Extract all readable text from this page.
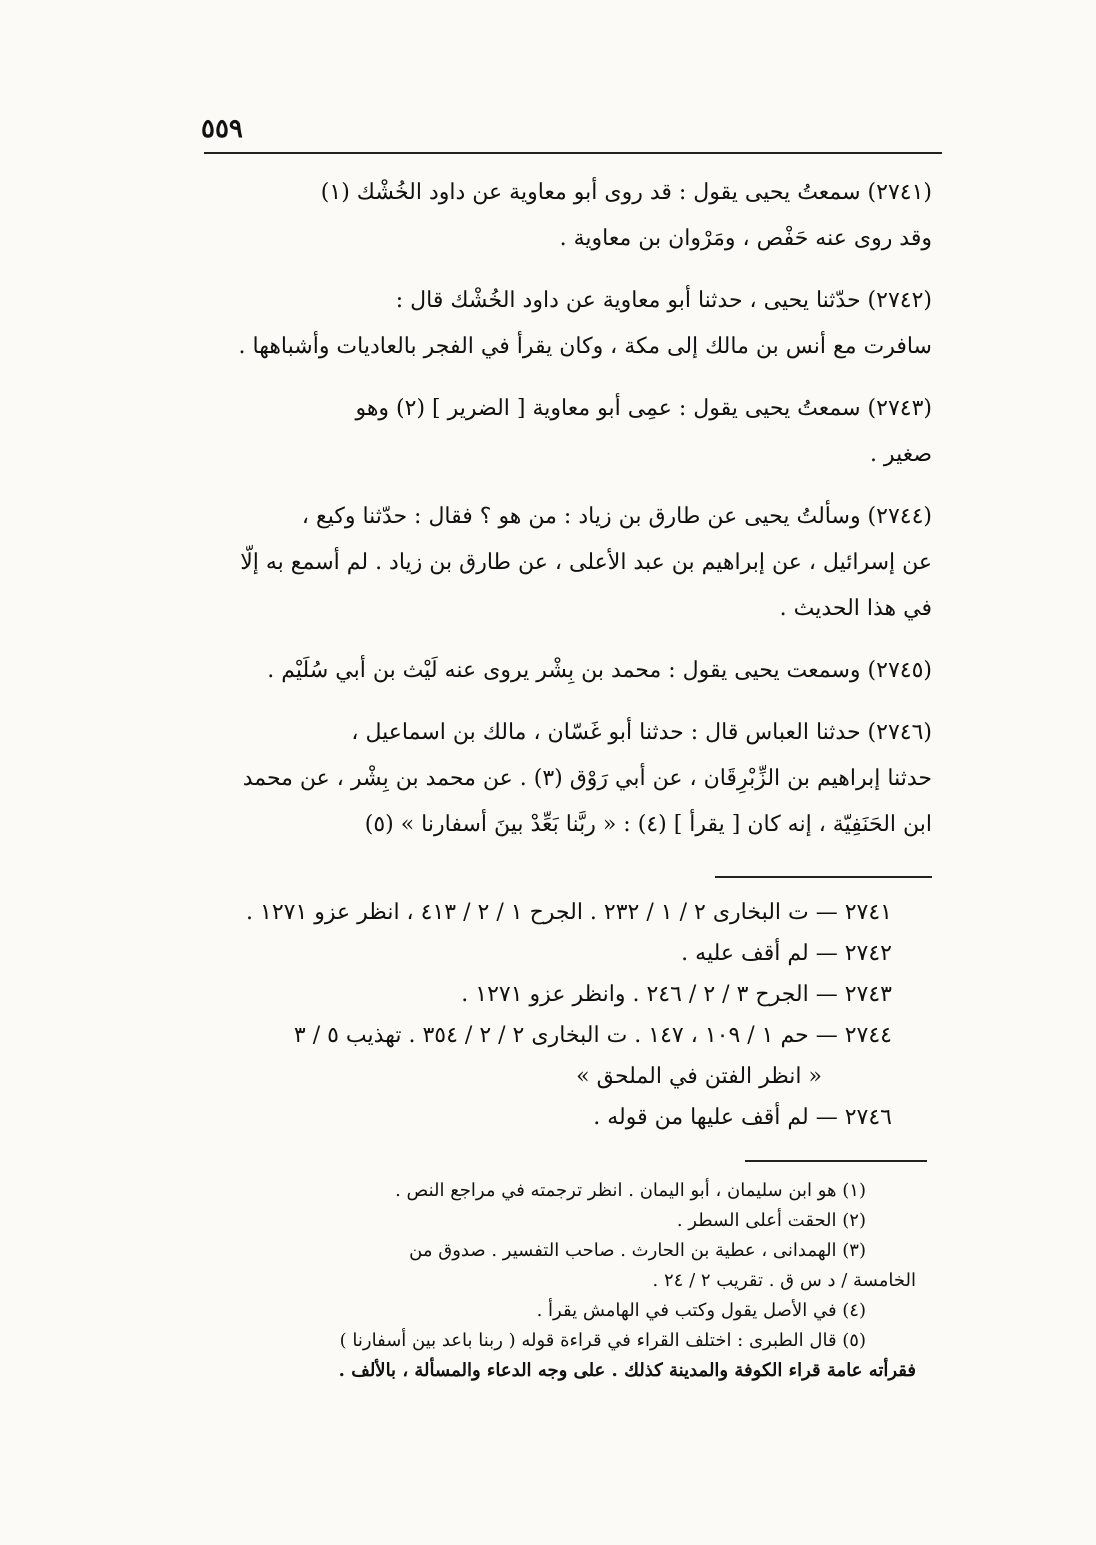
٥٥٩
(٢٧٤١) سمعتُ يحيى يقول : قد روى أبو معاوية عن داود الخُشْك (١)
وقد روى عنه حَفْص ، ومَرْوان بن معاوية .
(٢٧٤٢) حدّثنا يحيى ، حدثنا أبو معاوية عن داود الخُشْك قال :
سافرت مع أنس بن مالك إلى مكة ، وكان يقرأ في الفجر بالعاديات وأشباهها .
(٢٧٤٣) سمعتُ يحيى يقول : عمِى أبو معاوية [ الضرير ] (٢) وهو
صغير .
(٢٧٤٤) وسألتُ يحيى عن طارق بن زياد : من هو ؟ فقال : حدّثنا وكيع ،
عن إسرائيل ، عن إبراهيم بن عبد الأعلى ، عن طارق بن زياد . لم أسمع به إلّا
في هذا الحديث .
(٢٧٤٥) وسمعت يحيى يقول : محمد بن بِشْر يروى عنه لَيْث بن أبي سُلَيْم .
(٢٧٤٦) حدثنا العباس قال : حدثنا أبو غَسّان ، مالك بن اسماعيل ،
حدثنا إبراهيم بن الزِّبْرِقَان ، عن أبي رَوْق (٣) . عن محمد بن بِشْر ، عن محمد
ابن الحَنَفِيّة ، إنه كان [ يقرأ ] (٤) : « ربَّنا بَعِّدْ بينَ أسفارنا » (٥)
٢٧٤١ — ت البخارى ٢ / ١ / ٢٣٢ . الجرح ١ / ٢ / ٤١٣ ، انظر عزو ١٢٧١ .
٢٧٤٢ — لم أقف عليه .
٢٧٤٣ — الجرح ٣ / ٢ / ٢٤٦ . وانظر عزو ١٢٧١ .
٢٧٤٤ — حم ١ / ١٠٩ ، ١٤٧ . ت البخارى ٢ / ٢ / ٣٥٤ . تهذيب ٥ / ٣
« انظر الفتن في الملحق »
٢٧٤٦ — لم أقف عليها من قوله .
(١) هو ابن سليمان ، أبو اليمان . انظر ترجمته في مراجع النص .
(٢) الحقت أعلى السطر .
(٣) الهمدانى ، عطية بن الحارث . صاحب التفسير . صدوق من
الخامسة / د س ق . تقريب ٢ / ٢٤ .
(٤) في الأصل يقول وكتب في الهامش يقرأ .
(٥) قال الطبرى : اختلف القراء في قراءة قوله ( ربنا باعد بين أسفارنا )
فقرأته عامة قراء الكوفة والمدينة كذلك . على وجه الدعاء والمسألة ، بالألف .
